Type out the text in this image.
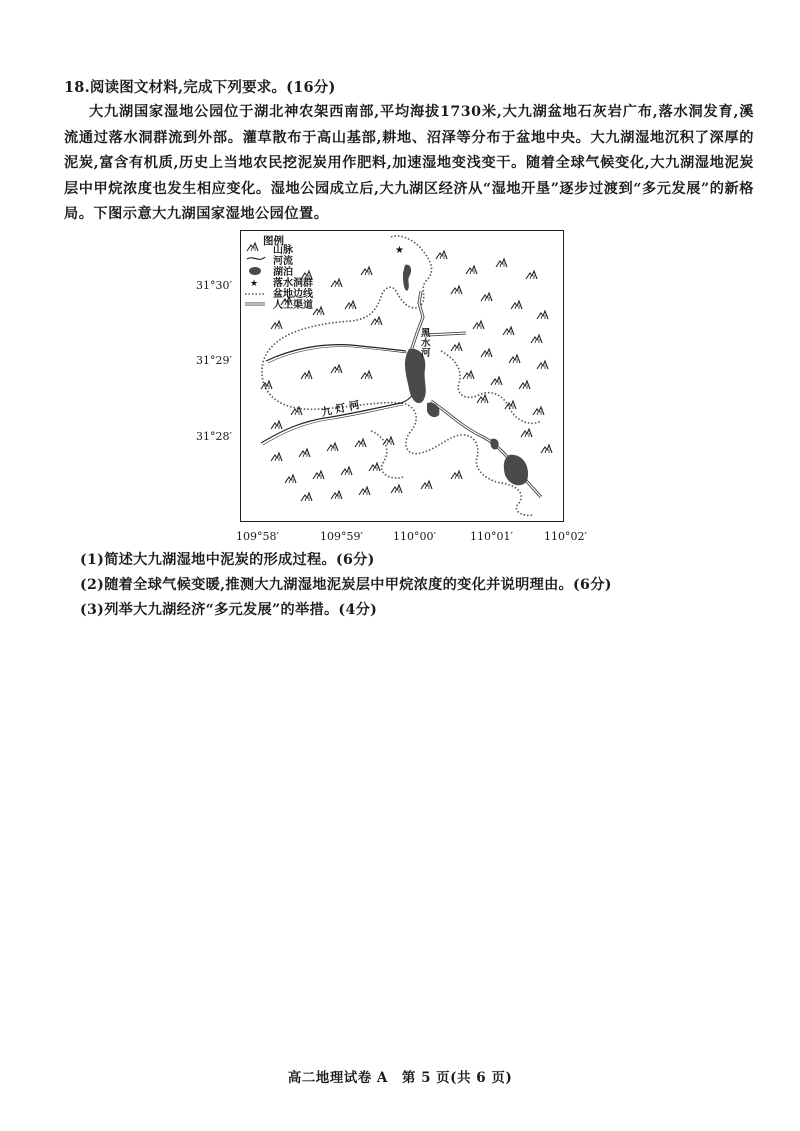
18.阅读图文材料,完成下列要求。(16分)
大九湖国家湿地公园位于湖北神农架西南部,平均海拔1730米,大九湖盆地石灰岩广布,落水洞发育,溪流通过落水洞群流到外部。灌草散布于高山基部,耕地、沼泽等分布于盆地中央。大九湖湿地沉积了深厚的泥炭,富含有机质,历史上当地农民挖泥炭用作肥料,加速湿地变浅变干。随着全球气候变化,大九湖湿地泥炭层中甲烷浓度也发生相应变化。湿地公园成立后,大九湖区经济从“湿地开垦”逐步过渡到“多元发展”的新格局。下图示意大九湖国家湿地公园位置。
31°30′
31°29′
31°28′
★
★
图例
山脉
河流
湖泊
落水洞群
盆地边线
人工渠道
九 灯 河
黑水河
109°58′	109°59′	110°00′	110°01′	110°02′
(1)简述大九湖湿地中泥炭的形成过程。(6分)
(2)随着全球气候变暖,推测大九湖湿地泥炭层中甲烷浓度的变化并说明理由。(6分)
(3)列举大九湖经济“多元发展”的举措。(4分)
高二地理试卷 A　第 5 页(共 6 页)
